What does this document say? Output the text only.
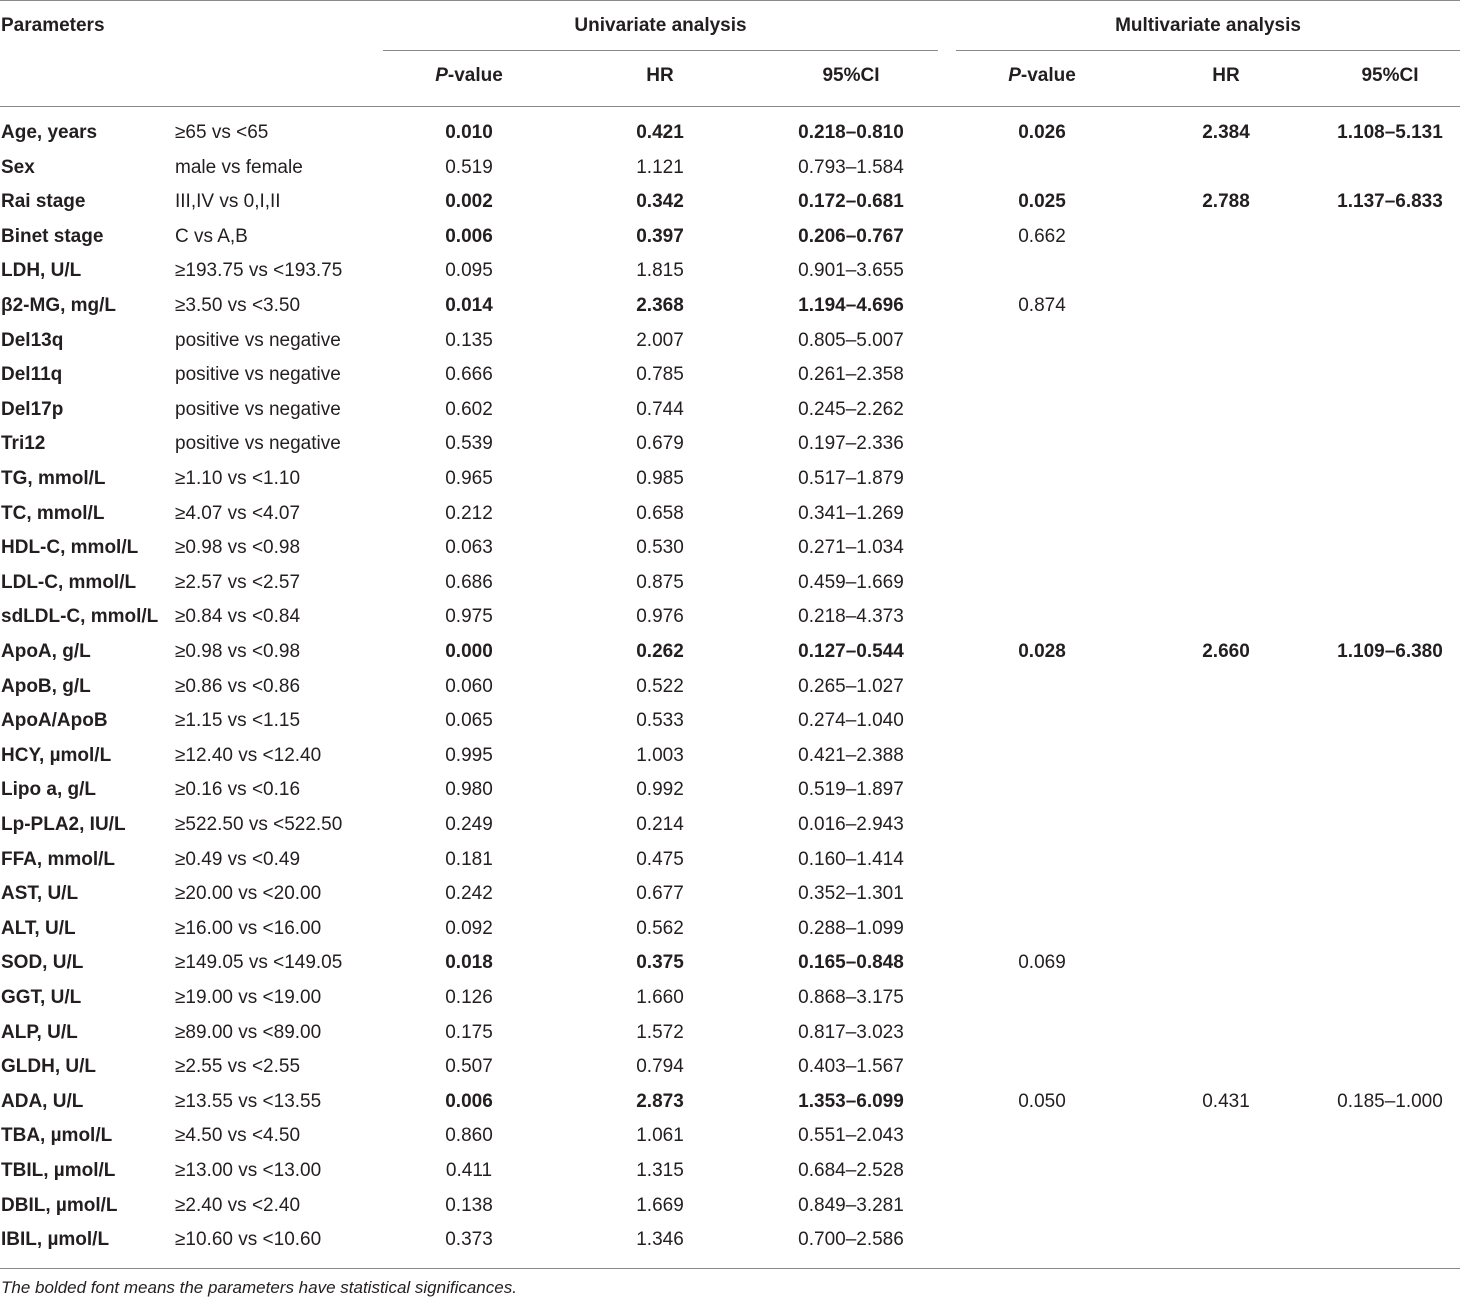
Parameters	Univariate analysis	Multivariate analysis
P-value	HR	95%CI	P-value	HR	95%CI
Age, years	≥65 vs <65	0.010	0.421	0.218–0.810	0.026	2.384	1.108–5.131
Sex	male vs female	0.519	1.121	0.793–1.584
Rai stage	III,IV vs 0,I,II	0.002	0.342	0.172–0.681	0.025	2.788	1.137–6.833
Binet stage	C vs A,B	0.006	0.397	0.206–0.767	0.662
LDH, U/L	≥193.75 vs <193.75	0.095	1.815	0.901–3.655
β2-MG, mg/L	≥3.50 vs <3.50	0.014	2.368	1.194–4.696	0.874
Del13q	positive vs negative	0.135	2.007	0.805–5.007
Del11q	positive vs negative	0.666	0.785	0.261–2.358
Del17p	positive vs negative	0.602	0.744	0.245–2.262
Tri12	positive vs negative	0.539	0.679	0.197–2.336
TG, mmol/L	≥1.10 vs <1.10	0.965	0.985	0.517–1.879
TC, mmol/L	≥4.07 vs <4.07	0.212	0.658	0.341–1.269
HDL-C, mmol/L ≥0.98 vs <0.98	0.063	0.530	0.271–1.034
LDL-C, mmol/L ≥2.57 vs <2.57	0.686	0.875	0.459–1.669
sdLDL-C, mmol/L ≥0.84 vs <0.84	0.975	0.976	0.218–4.373
ApoA, g/L	≥0.98 vs <0.98	0.000	0.262	0.127–0.544	0.028	2.660	1.109–6.380
ApoB, g/L	≥0.86 vs <0.86	0.060	0.522	0.265–1.027
ApoA/ApoB	≥1.15 vs <1.15	0.065	0.533	0.274–1.040
HCY, µmol/L	≥12.40 vs <12.40	0.995	1.003	0.421–2.388
Lipo a, g/L	≥0.16 vs <0.16	0.980	0.992	0.519–1.897
Lp-PLA2, IU/L	≥522.50 vs <522.50	0.249	0.214	0.016–2.943
FFA, mmol/L	≥0.49 vs <0.49	0.181	0.475	0.160–1.414
AST, U/L	≥20.00 vs <20.00	0.242	0.677	0.352–1.301
ALT, U/L	≥16.00 vs <16.00	0.092	0.562	0.288–1.099
SOD, U/L	≥149.05 vs <149.05	0.018	0.375	0.165–0.848	0.069
GGT, U/L	≥19.00 vs <19.00	0.126	1.660	0.868–3.175
ALP, U/L	≥89.00 vs <89.00	0.175	1.572	0.817–3.023
GLDH, U/L	≥2.55 vs <2.55	0.507	0.794	0.403–1.567
ADA, U/L	≥13.55 vs <13.55	0.006	2.873	1.353–6.099	0.050	0.431	0.185–1.000
TBA, µmol/L	≥4.50 vs <4.50	0.860	1.061	0.551–2.043
TBIL, µmol/L	≥13.00 vs <13.00	0.411	1.315	0.684–2.528
DBIL, µmol/L	≥2.40 vs <2.40	0.138	1.669	0.849–3.281
IBIL, µmol/L	≥10.60 vs <10.60	0.373	1.346	0.700–2.586
The bolded font means the parameters have statistical significances.
